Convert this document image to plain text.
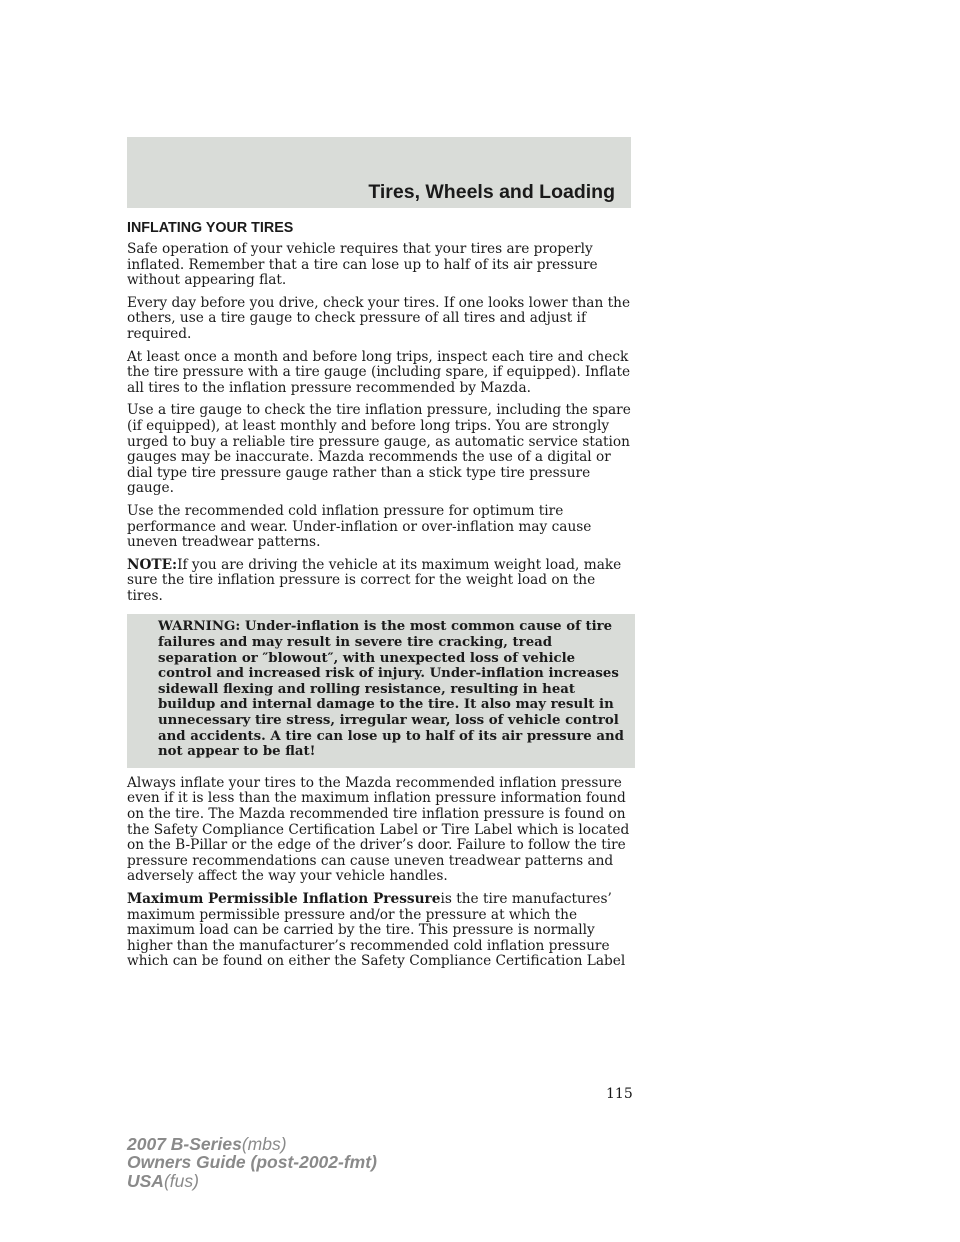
Tires, Wheels and Loading
INFLATING YOUR TIRES

Safe operation of your vehicle requires that your tires are properly inflated. Remember that a tire can lose up to half of its air pressure without appearing flat.

Every day before you drive, check your tires. If one looks lower than the others, use a tire gauge to check pressure of all tires and adjust if required.

At least once a month and before long trips, inspect each tire and check the tire pressure with a tire gauge (including spare, if equipped). Inflate all tires to the inflation pressure recommended by Mazda.

Use a tire gauge to check the tire inflation pressure, including the spare (if equipped), at least monthly and before long trips. You are strongly urged to buy a reliable tire pressure gauge, as automatic service station gauges may be inaccurate. Mazda recommends the use of a digital or dial type tire pressure gauge rather than a stick type tire pressure gauge.

Use the recommended cold inflation pressure for optimum tire performance and wear. Under-inflation or over-inflation may cause uneven treadwear patterns.

NOTE:If you are driving the vehicle at its maximum weight load, make sure the tire inflation pressure is correct for the weight load on the tires.

WARNING: Under-inflation is the most common cause of tire failures and may result in severe tire cracking, tread separation or ″blowout″, with unexpected loss of vehicle control and increased risk of injury. Under-inflation increases sidewall flexing and rolling resistance, resulting in heat buildup and internal damage to the tire. It also may result in unnecessary tire stress, irregular wear, loss of vehicle control and accidents. A tire can lose up to half of its air pressure and not appear to be flat!

Always inflate your tires to the Mazda recommended inflation pressure even if it is less than the maximum inflation pressure information found on the tire. The Mazda recommended tire inflation pressure is found on the Safety Compliance Certification Label or Tire Label which is located on the B-Pillar or the edge of the driver’s door. Failure to follow the tire pressure recommendations can cause uneven treadwear patterns and adversely affect the way your vehicle handles.

Maximum Permissible Inflation Pressureis the tire manufactures’ maximum permissible pressure and/or the pressure at which the maximum load can be carried by the tire. This pressure is normally higher than the manufacturer’s recommended cold inflation pressure which can be found on either the Safety Compliance Certification Label

115
2007 B-Series(mbs)
Owners Guide (post-2002-fmt)
USA(fus)
